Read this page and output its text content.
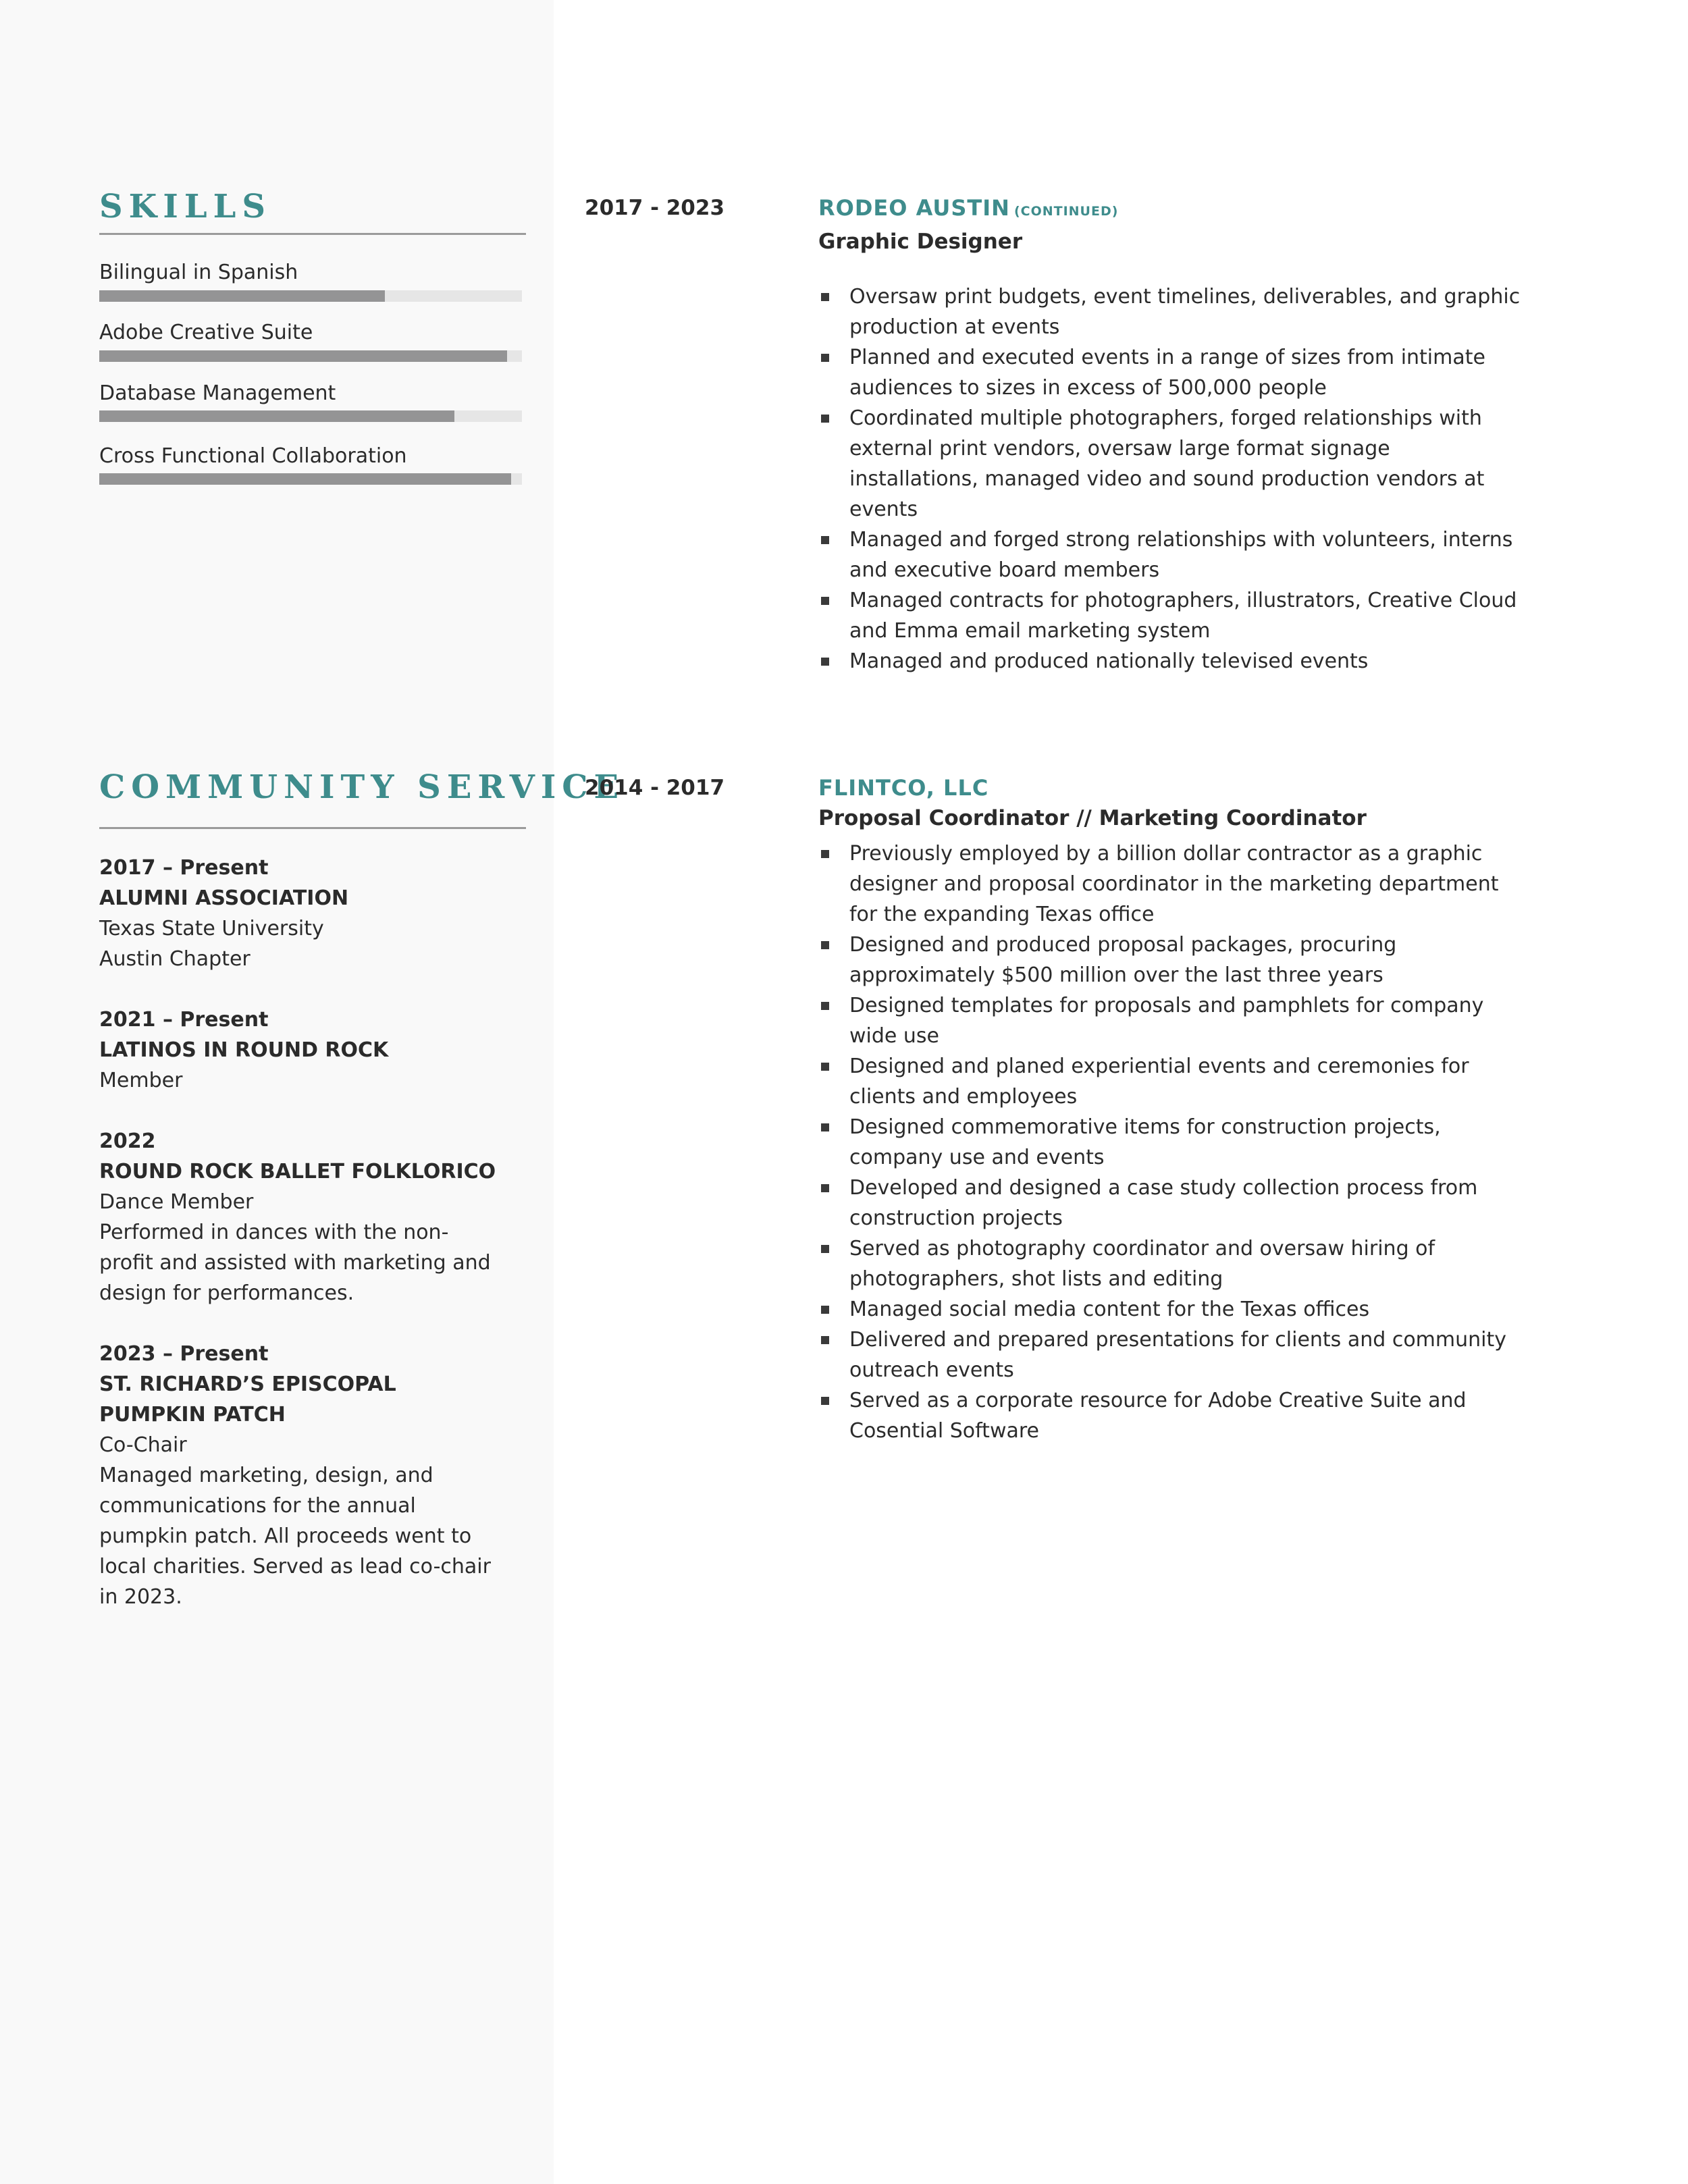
SKILLS
Bilingual in Spanish
Adobe Creative Suite
Database Management
Cross Functional Collaboration
COMMUNITY SERVICE
2017 – Present
ALUMNI ASSOCIATION
Texas State University
Austin Chapter
2021 – Present
LATINOS IN ROUND ROCK
Member
2022
ROUND ROCK BALLET FOLKLORICO
Dance Member
Performed in dances with the non-profit and assisted with marketing and design for performances.
2023 – Present
ST. RICHARD’S EPISCOPAL PUMPKIN PATCH
Co-Chair
Managed marketing, design, and communications for the annual pumpkin patch. All proceeds went to local charities. Served as lead co-chair in 2023.
2017 - 2023	RODEO AUSTIN (CONTINUED)
Graphic Designer
Oversaw print budgets, event timelines, deliverables, and graphic production at events
Planned and executed events in a range of sizes from intimate audiences to sizes in excess of 500,000 people
Coordinated multiple photographers, forged relationships with external print vendors, oversaw large format signage installations, managed video and sound production vendors at events
Managed and forged strong relationships with volunteers, interns and executive board members
Managed contracts for photographers, illustrators, Creative Cloud and Emma email marketing system
Managed and produced nationally televised events
2014 - 2017	FLINTCO, LLC
Proposal Coordinator // Marketing Coordinator
Previously employed by a billion dollar contractor as a graphic designer and proposal coordinator in the marketing department for the expanding Texas office
Designed and produced proposal packages, procuring approximately $500 million over the last three years
Designed templates for proposals and pamphlets for company wide use
Designed and planed experiential events and ceremonies for clients and employees
Designed commemorative items for construction projects, company use and events
Developed and designed a case study collection process from construction projects
Served as photography coordinator and oversaw hiring of photographers, shot lists and editing
Managed social media content for the Texas offices
Delivered and prepared presentations for clients and community outreach events
Served as a corporate resource for Adobe Creative Suite and Cosential Software
